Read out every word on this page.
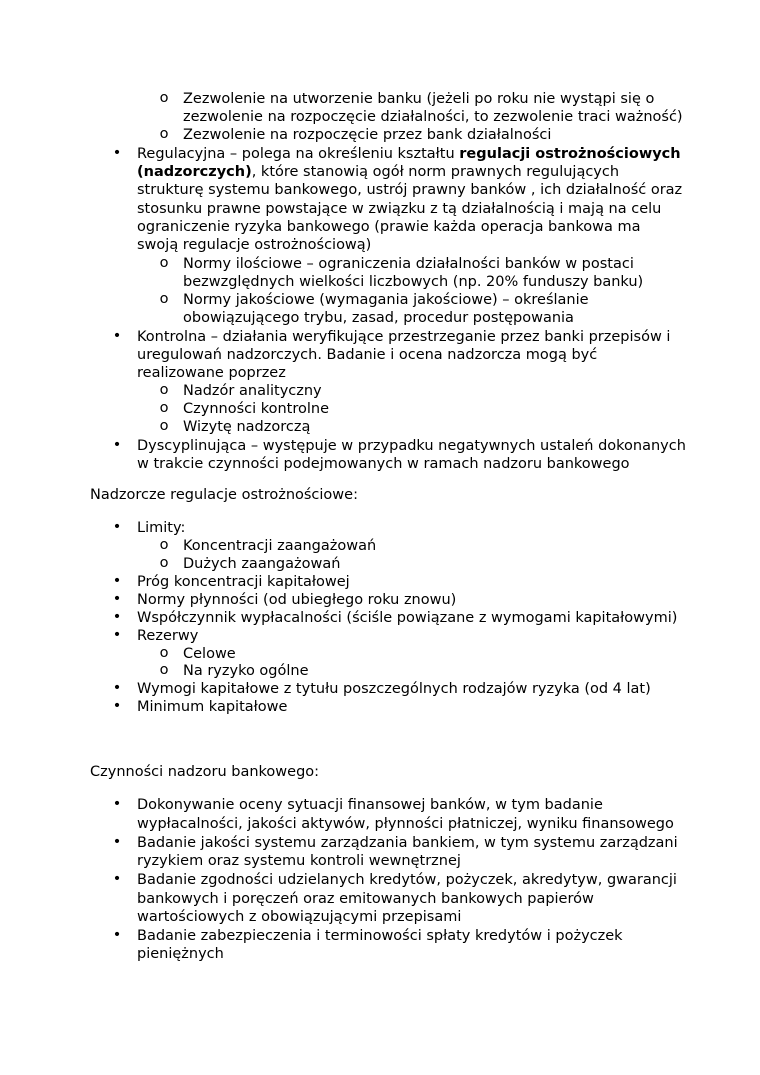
o Zezwolenie na utworzenie banku (jeżeli po roku nie wystąpi się o
zezwolenie na rozpoczęcie działalności, to zezwolenie traci ważność)
o Zezwolenie na rozpoczęcie przez bank działalności
• Regulacyjna – polega na określeniu kształtu regulacji ostrożnościowych
(nadzorczych), które stanowią ogół norm prawnych regulujących
strukturę systemu bankowego, ustrój prawny banków , ich działalność oraz
stosunku prawne powstające w związku z tą działalnością i mają na celu
ograniczenie ryzyka bankowego (prawie każda operacja bankowa ma
swoją regulacje ostrożnościową)
o Normy ilościowe – ograniczenia działalności banków w postaci
bezwzględnych wielkości liczbowych (np. 20% funduszy banku)
o Normy jakościowe (wymagania jakościowe) – określanie
obowiązującego trybu, zasad, procedur postępowania
• Kontrolna – działania weryfikujące przestrzeganie przez banki przepisów i
uregulowań nadzorczych. Badanie i ocena nadzorcza mogą być
realizowane poprzez
o Nadzór analityczny
o Czynności kontrolne
o Wizytę nadzorczą
• Dyscyplinująca – występuje w przypadku negatywnych ustaleń dokonanych
w trakcie czynności podejmowanych w ramach nadzoru bankowego
Nadzorcze regulacje ostrożnościowe:
• Limity:
o Koncentracji zaangażowań
o Dużych zaangażowań
• Próg koncentracji kapitałowej
• Normy płynności (od ubiegłego roku znowu)
• Współczynnik wypłacalności (ściśle powiązane z wymogami kapitałowymi)
• Rezerwy
o Celowe
o Na ryzyko ogólne
• Wymogi kapitałowe z tytułu poszczególnych rodzajów ryzyka (od 4 lat)
• Minimum kapitałowe
Czynności nadzoru bankowego:
• Dokonywanie oceny sytuacji finansowej banków, w tym badanie
wypłacalności, jakości aktywów, płynności płatniczej, wyniku finansowego
• Badanie jakości systemu zarządzania bankiem, w tym systemu zarządzani
ryzykiem oraz systemu kontroli wewnętrznej
• Badanie zgodności udzielanych kredytów, pożyczek, akredytyw, gwarancji
bankowych i poręczeń oraz emitowanych bankowych papierów
wartościowych z obowiązującymi przepisami
• Badanie zabezpieczenia i terminowości spłaty kredytów i pożyczek
pieniężnych
